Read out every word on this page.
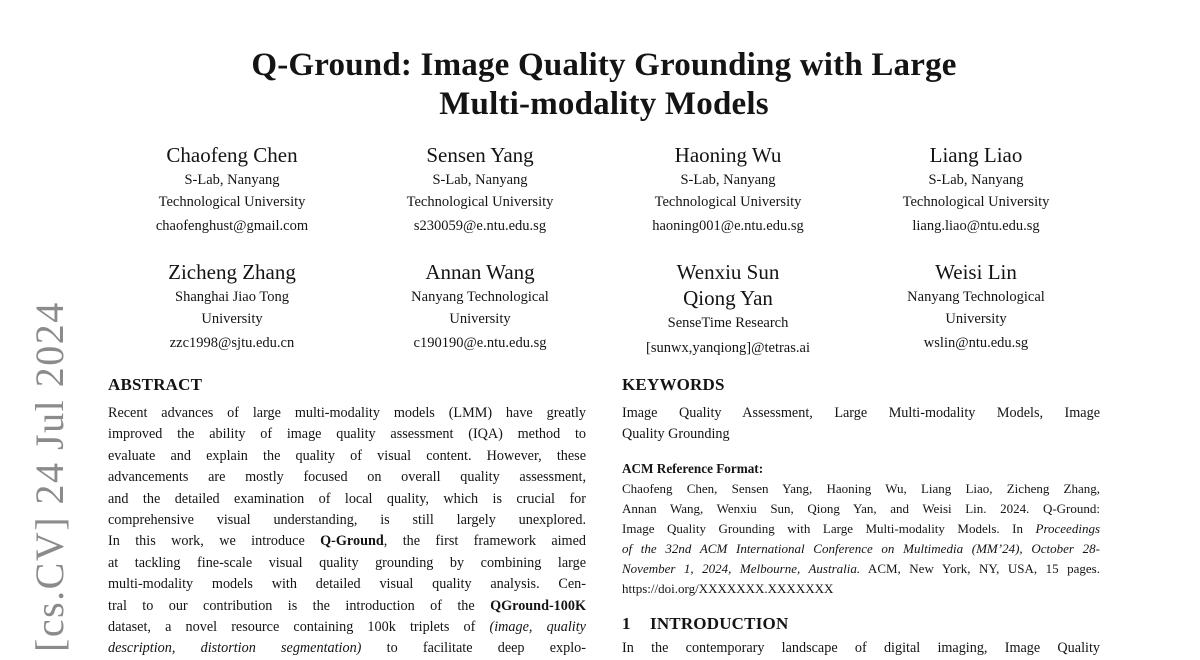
[cs.CV] 24 Jul 2024
Q-Ground: Image Quality Grounding with Large
Multi-modality Models
Chaofeng Chen
S-Lab, Nanyang
Technological University
chaofenghust@gmail.com
Sensen Yang
S-Lab, Nanyang
Technological University
s230059@e.ntu.edu.sg
Haoning Wu
S-Lab, Nanyang
Technological University
haoning001@e.ntu.edu.sg
Liang Liao
S-Lab, Nanyang
Technological University
liang.liao@ntu.edu.sg
Zicheng Zhang
Shanghai Jiao Tong
University
zzc1998@sjtu.edu.cn
Annan Wang
Nanyang Technological
University
c190190@e.ntu.edu.sg
Wenxiu Sun
Qiong Yan
SenseTime Research
[sunwx,yanqiong]@tetras.ai
Weisi Lin
Nanyang Technological
University
wslin@ntu.edu.sg
ABSTRACT
Recent advances of large multi-modality models (LMM) have greatly
improved the ability of image quality assessment (IQA) method to
evaluate and explain the quality of visual content. However, these
advancements are mostly focused on overall quality assessment,
and the detailed examination of local quality, which is crucial for
comprehensive visual understanding, is still largely unexplored.
In this work, we introduce Q-Ground, the first framework aimed
at tackling fine-scale visual quality grounding by combining large
multi-modality models with detailed visual quality analysis. Cen-
tral to our contribution is the introduction of the QGround-100K
dataset, a novel resource containing 100k triplets of (image, quality
description, distortion segmentation) to facilitate deep explo-
KEYWORDS
Image Quality Assessment, Large Multi-modality Models, Image
Quality Grounding
ACM Reference Format:
Chaofeng Chen, Sensen Yang, Haoning Wu, Liang Liao, Zicheng Zhang,
Annan Wang, Wenxiu Sun, Qiong Yan, and Weisi Lin. 2024. Q-Ground:
Image Quality Grounding with Large Multi-modality Models. In Proceedings
of the 32nd ACM International Conference on Multimedia (MM’24), October 28-
November 1, 2024, Melbourne, Australia. ACM, New York, NY, USA, 15 pages.
https://doi.org/XXXXXXX.XXXXXXX
1 INTRODUCTION
In the contemporary landscape of digital imaging, Image Quality
